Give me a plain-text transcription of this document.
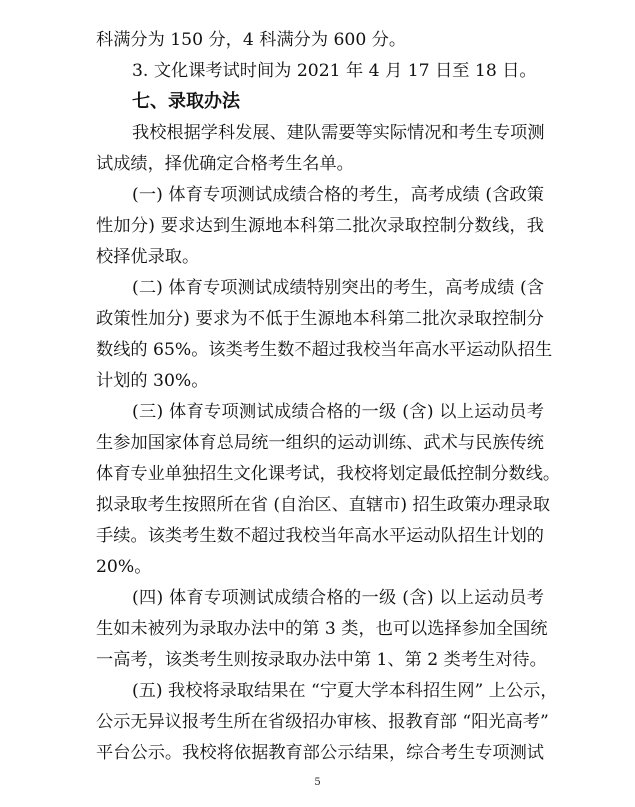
科满分为 150 分，4 科满分为 600 分。
3. 文化课考试时间为 2021 年 4 月 17 日至 18 日。
七、录取办法
我校根据学科发展、建队需要等实际情况和考生专项测
试成绩，择优确定合格考生名单。
(一) 体育专项测试成绩合格的考生，高考成绩 (含政策
性加分) 要求达到生源地本科第二批次录取控制分数线，我
校择优录取。
(二) 体育专项测试成绩特别突出的考生，高考成绩 (含
政策性加分) 要求为不低于生源地本科第二批次录取控制分
数线的 65%。该类考生数不超过我校当年高水平运动队招生
计划的 30%。
(三) 体育专项测试成绩合格的一级 (含) 以上运动员考
生参加国家体育总局统一组织的运动训练、武术与民族传统
体育专业单独招生文化课考试，我校将划定最低控制分数线。
拟录取考生按照所在省 (自治区、直辖市) 招生政策办理录取
手续。该类考生数不超过我校当年高水平运动队招生计划的
20%。
(四) 体育专项测试成绩合格的一级 (含) 以上运动员考
生如未被列为录取办法中的第 3 类，也可以选择参加全国统
一高考，该类考生则按录取办法中第 1、第 2 类考生对待。
(五) 我校将录取结果在 “宁夏大学本科招生网” 上公示，
公示无异议报考生所在省级招办审核、报教育部 “阳光高考”
平台公示。我校将依据教育部公示结果，综合考生专项测试
5
